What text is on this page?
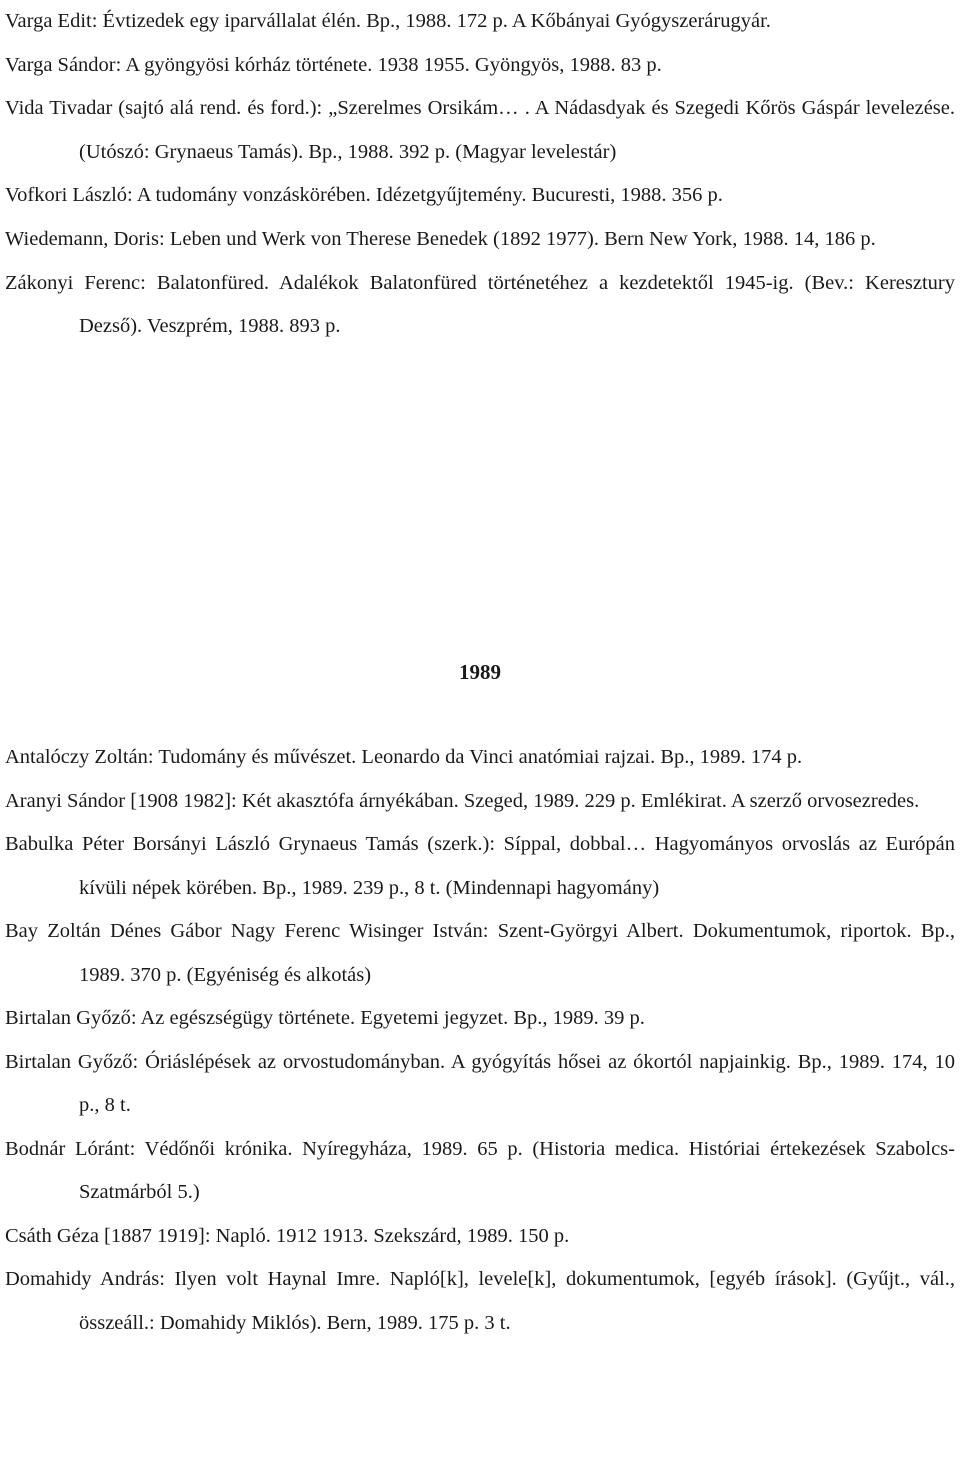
Varga Edit: Évtizedek egy iparvállalat élén. Bp., 1988. 172 p. A Kőbányai Gyógyszerárugyár.

Varga Sándor: A gyöngyösi kórház története. 1938 1955. Gyöngyös, 1988. 83 p.

Vida Tivadar (sajtó alá rend. és ford.): „Szerelmes Orsikám… . A Nádasdyak és Szegedi Kőrös Gáspár levelezése. (Utószó: Grynaeus Tamás). Bp., 1988. 392 p. (Magyar levelestár)

Vofkori László: A tudomány vonzáskörében. Idézetgyűjtemény. Bucuresti, 1988. 356 p.

Wiedemann, Doris: Leben und Werk von Therese Benedek (1892 1977). Bern New York, 1988. 14, 186 p.

Zákonyi Ferenc: Balatonfüred. Adalékok Balatonfüred történetéhez a kezdetektől 1945-ig. (Bev.: Keresztury Dezső). Veszprém, 1988. 893 p.

1989

Antalóczy Zoltán: Tudomány és művészet. Leonardo da Vinci anatómiai rajzai. Bp., 1989. 174 p.

Aranyi Sándor [1908 1982]: Két akasztófa árnyékában. Szeged, 1989. 229 p. Emlékirat. A szerző orvosezredes.

Babulka Péter Borsányi László Grynaeus Tamás (szerk.): Síppal, dobbal… Hagyományos orvoslás az Európán kívüli népek körében. Bp., 1989. 239 p., 8 t. (Mindennapi hagyomány)

Bay Zoltán Dénes Gábor Nagy Ferenc Wisinger István: Szent-Györgyi Albert. Dokumentumok, riportok. Bp., 1989. 370 p. (Egyéniség és alkotás)

Birtalan Győző: Az egészségügy története. Egyetemi jegyzet. Bp., 1989. 39 p.

Birtalan Győző: Óriáslépések az orvostudományban. A gyógyítás hősei az ókortól napjainkig. Bp., 1989. 174, 10 p., 8 t.

Bodnár Lóránt: Védőnői krónika. Nyíregyháza, 1989. 65 p. (Historia medica. Históriai értekezések Szabolcs-Szatmárból 5.)

Csáth Géza [1887 1919]: Napló. 1912 1913. Szekszárd, 1989. 150 p.

Domahidy András: Ilyen volt Haynal Imre. Napló[k], levele[k], dokumentumok, [egyéb írások]. (Gyűjt., vál., összeáll.: Domahidy Miklós). Bern, 1989. 175 p. 3 t.
